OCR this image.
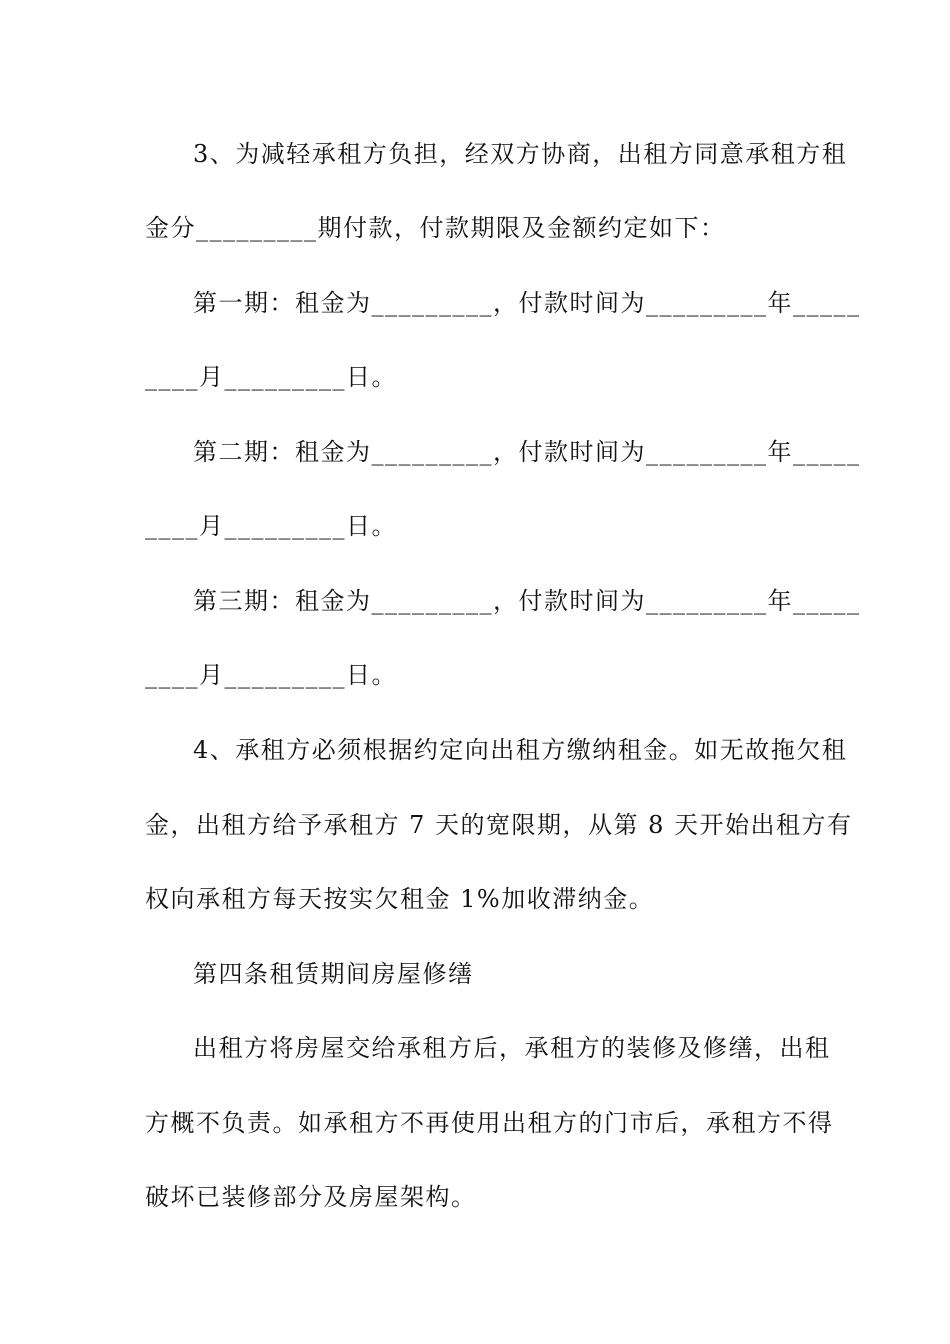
3、为减轻承租方负担，经双方协商，出租方同意承租方租
金分_________期付款，付款期限及金额约定如下：
第一期：租金为_________，付款时间为_________年_____
____月_________日。
第二期：租金为_________，付款时间为_________年_____
____月_________日。
第三期：租金为_________，付款时间为_________年_____
____月_________日。
4、承租方必须根据约定向出租方缴纳租金。如无故拖欠租
金，出租方给予承租方 7 天的宽限期，从第 8 天开始出租方有
权向承租方每天按实欠租金 1%加收滞纳金。
第四条租赁期间房屋修缮
出租方将房屋交给承租方后，承租方的装修及修缮，出租
方概不负责。如承租方不再使用出租方的门市后，承租方不得
破坏已装修部分及房屋架构。
